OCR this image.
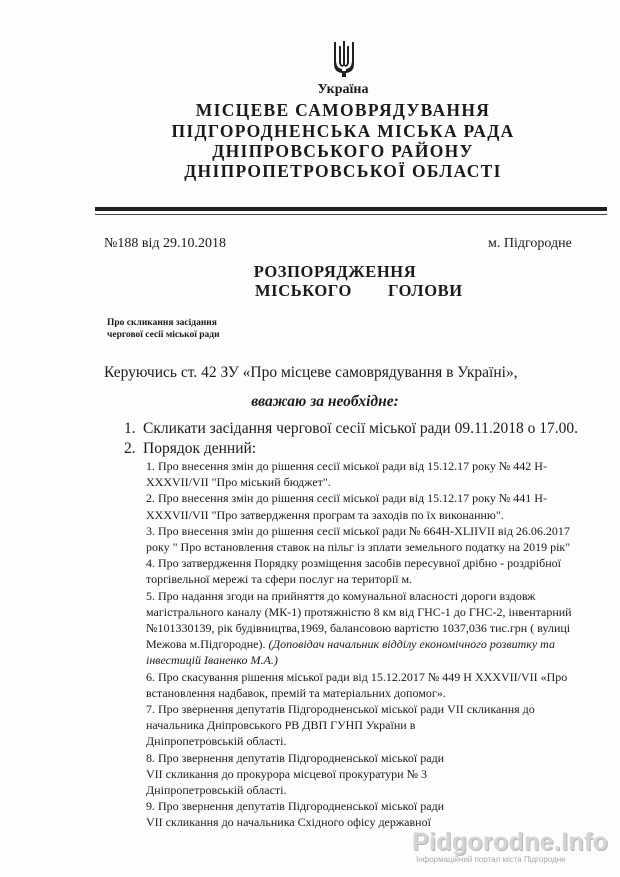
Україна
МІСЦЕВЕ САМОВРЯДУВАННЯ
ПІДГОРОДНЕНСЬКА МІСЬКА РАДА
ДНІПРОВСЬКОГО РАЙОНУ
ДНІПРОПЕТРОВСЬКОЇ ОБЛАСТІ
№188 від 29.10.2018	м. Підгородне
РОЗПОРЯДЖЕННЯ
МІСЬКОГО ГОЛОВИ
Про скликання засідання
чергової сесії міської ради
Керуючись ст. 42 ЗУ «Про місцеве самоврядування в Україні»,
вважаю за необхідне:
1. Скликати засідання чергової сесії міської ради 09.11.2018 о 17.00.
2. Порядок денний:
1. Про внесення змін до рішення сесії міської ради від 15.12.17 року № 442 Н-
XXXVII/VII "Про міський бюджет".
2. Про внесення змін до рішення сесії міської ради від 15.12.17 року № 441 Н-
XXXVII/VII "Про затвердження програм та заходів по їх виконанню".
3. Про внесення змін до рішення сесії міської ради № 664Н-XLIIVII від 26.06.2017
року " Про встановлення ставок на пільг із зплати земельного податку на 2019 рік"
4. Про затвердження Порядку розміщення засобів пересувної дрібно - роздрібної
торгівельної мережі та сфери послуг на території м.
5. Про надання згоди на прийняття до комунальної власності дороги вздовж
магістрального каналу (МК-1) протяжністю 8 км від ГНС-1 до ГНС-2, інвентарний
№101330139, рік будівництва,1969, балансовою вартістю 1037,036 тис.грн ( вулиці
Межова м.Підгородне). (Доповідач начальник відділу економічного розвитку та
інвестицій Іваненко М.А.)
6. Про скасування рішення міської ради від 15.12.2017 № 449 Н XXXVII/VII «Про
встановлення надбавок, премій та матеріальних допомог».
7. Про звернення депутатів Підгородненської міської ради VII скликання до
начальника Дніпровського РВ ДВП ГУНП України в
Дніпропетровській області.
8. Про звернення депутатів Підгородненської міської ради
VII скликання до прокурора місцевої прокуратури № 3
Дніпропетровській області.
9. Про звернення депутатів Підгородненської міської ради
VII скликання до начальника Східного офісу державної
Pidgorodne.Info
Інформаційний портал міста Підгородне
